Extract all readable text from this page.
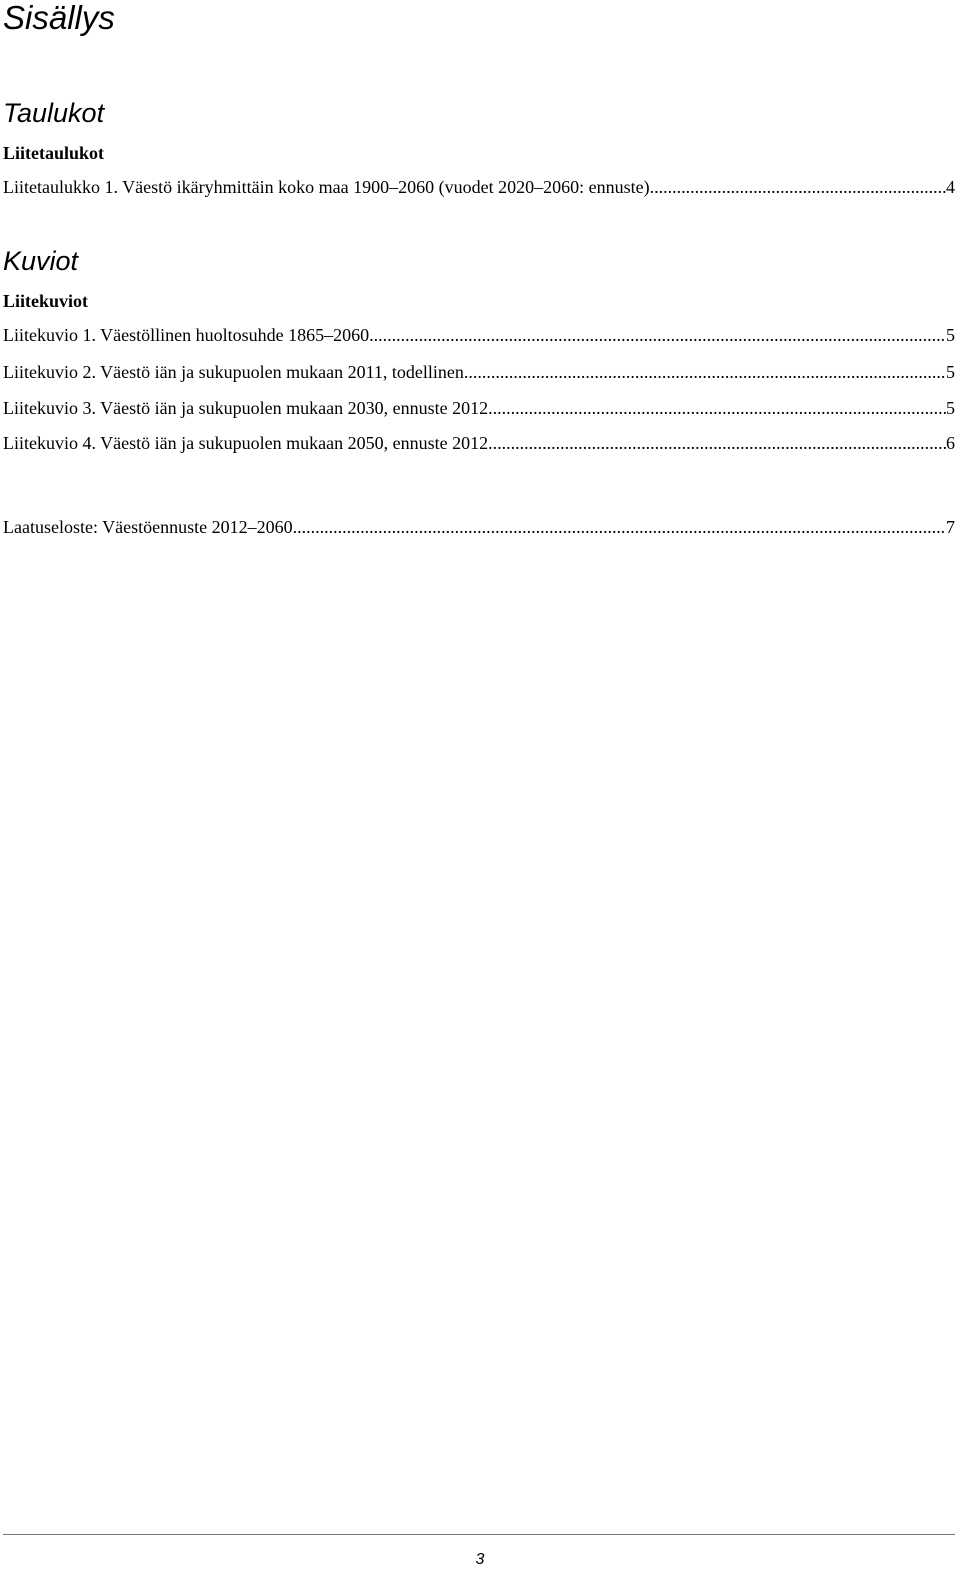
Sisällys
Taulukot
Liitetaulukot
Liitetaulukko 1. Väestö ikäryhmittäin koko maa 1900–2060 (vuodet 2020–2060: ennuste) .....	4
Kuviot
Liitekuviot
Liitekuvio 1. Väestöllinen huoltosuhde 1865–2060 .....	5
Liitekuvio 2. Väestö iän ja sukupuolen mukaan 2011, todellinen .....	5
Liitekuvio 3. Väestö iän ja sukupuolen mukaan 2030, ennuste 2012 .....	5
Liitekuvio 4. Väestö iän ja sukupuolen mukaan 2050, ennuste 2012 .....	6
Laatuseloste: Väestöennuste 2012–2060 .....	7
3
